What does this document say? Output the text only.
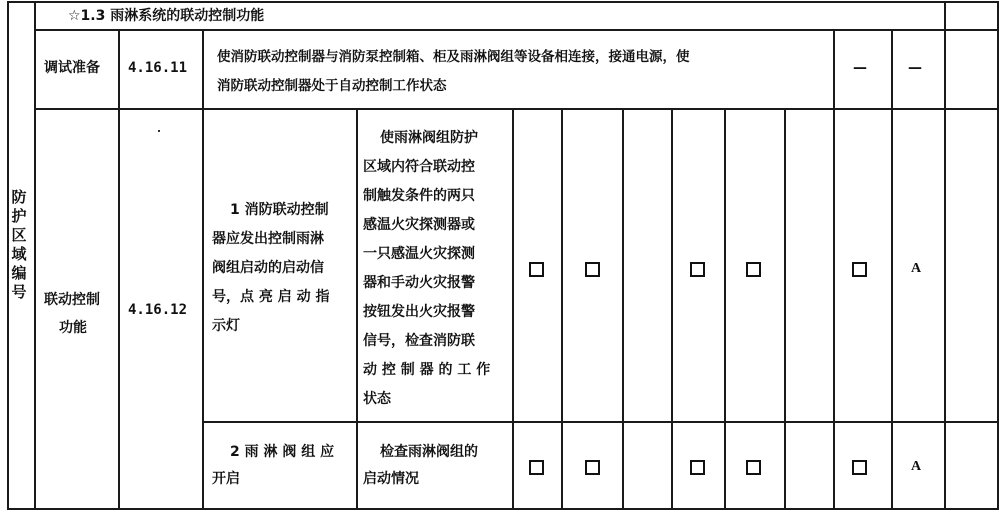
防护区域编号
☆1.3 雨淋系统的联动控制功能
调试准备 4.16.11
使消防联动控制器与消防泵控制箱、柜及雨淋阀组等设备相连接，接通电源，使
消防联动控制器处于自动控制工作状态
—	—
联动控制
功能
4.16.12
1 消防联动控制
器应发出控制雨淋
阀组启动的启动信
号，点 亮 启 动 指
示灯
使雨淋阀组防护
区域内符合联动控
制触发条件的两只
感温火灾探测器或
一只感温火灾探测
器和手动火灾报警
按钮发出火灾报警
信号，检查消防联
动 控 制 器 的 工 作
状态
A
2 雨 淋 阀 组 应
开启
检查雨淋阀组的
启动情况
A
